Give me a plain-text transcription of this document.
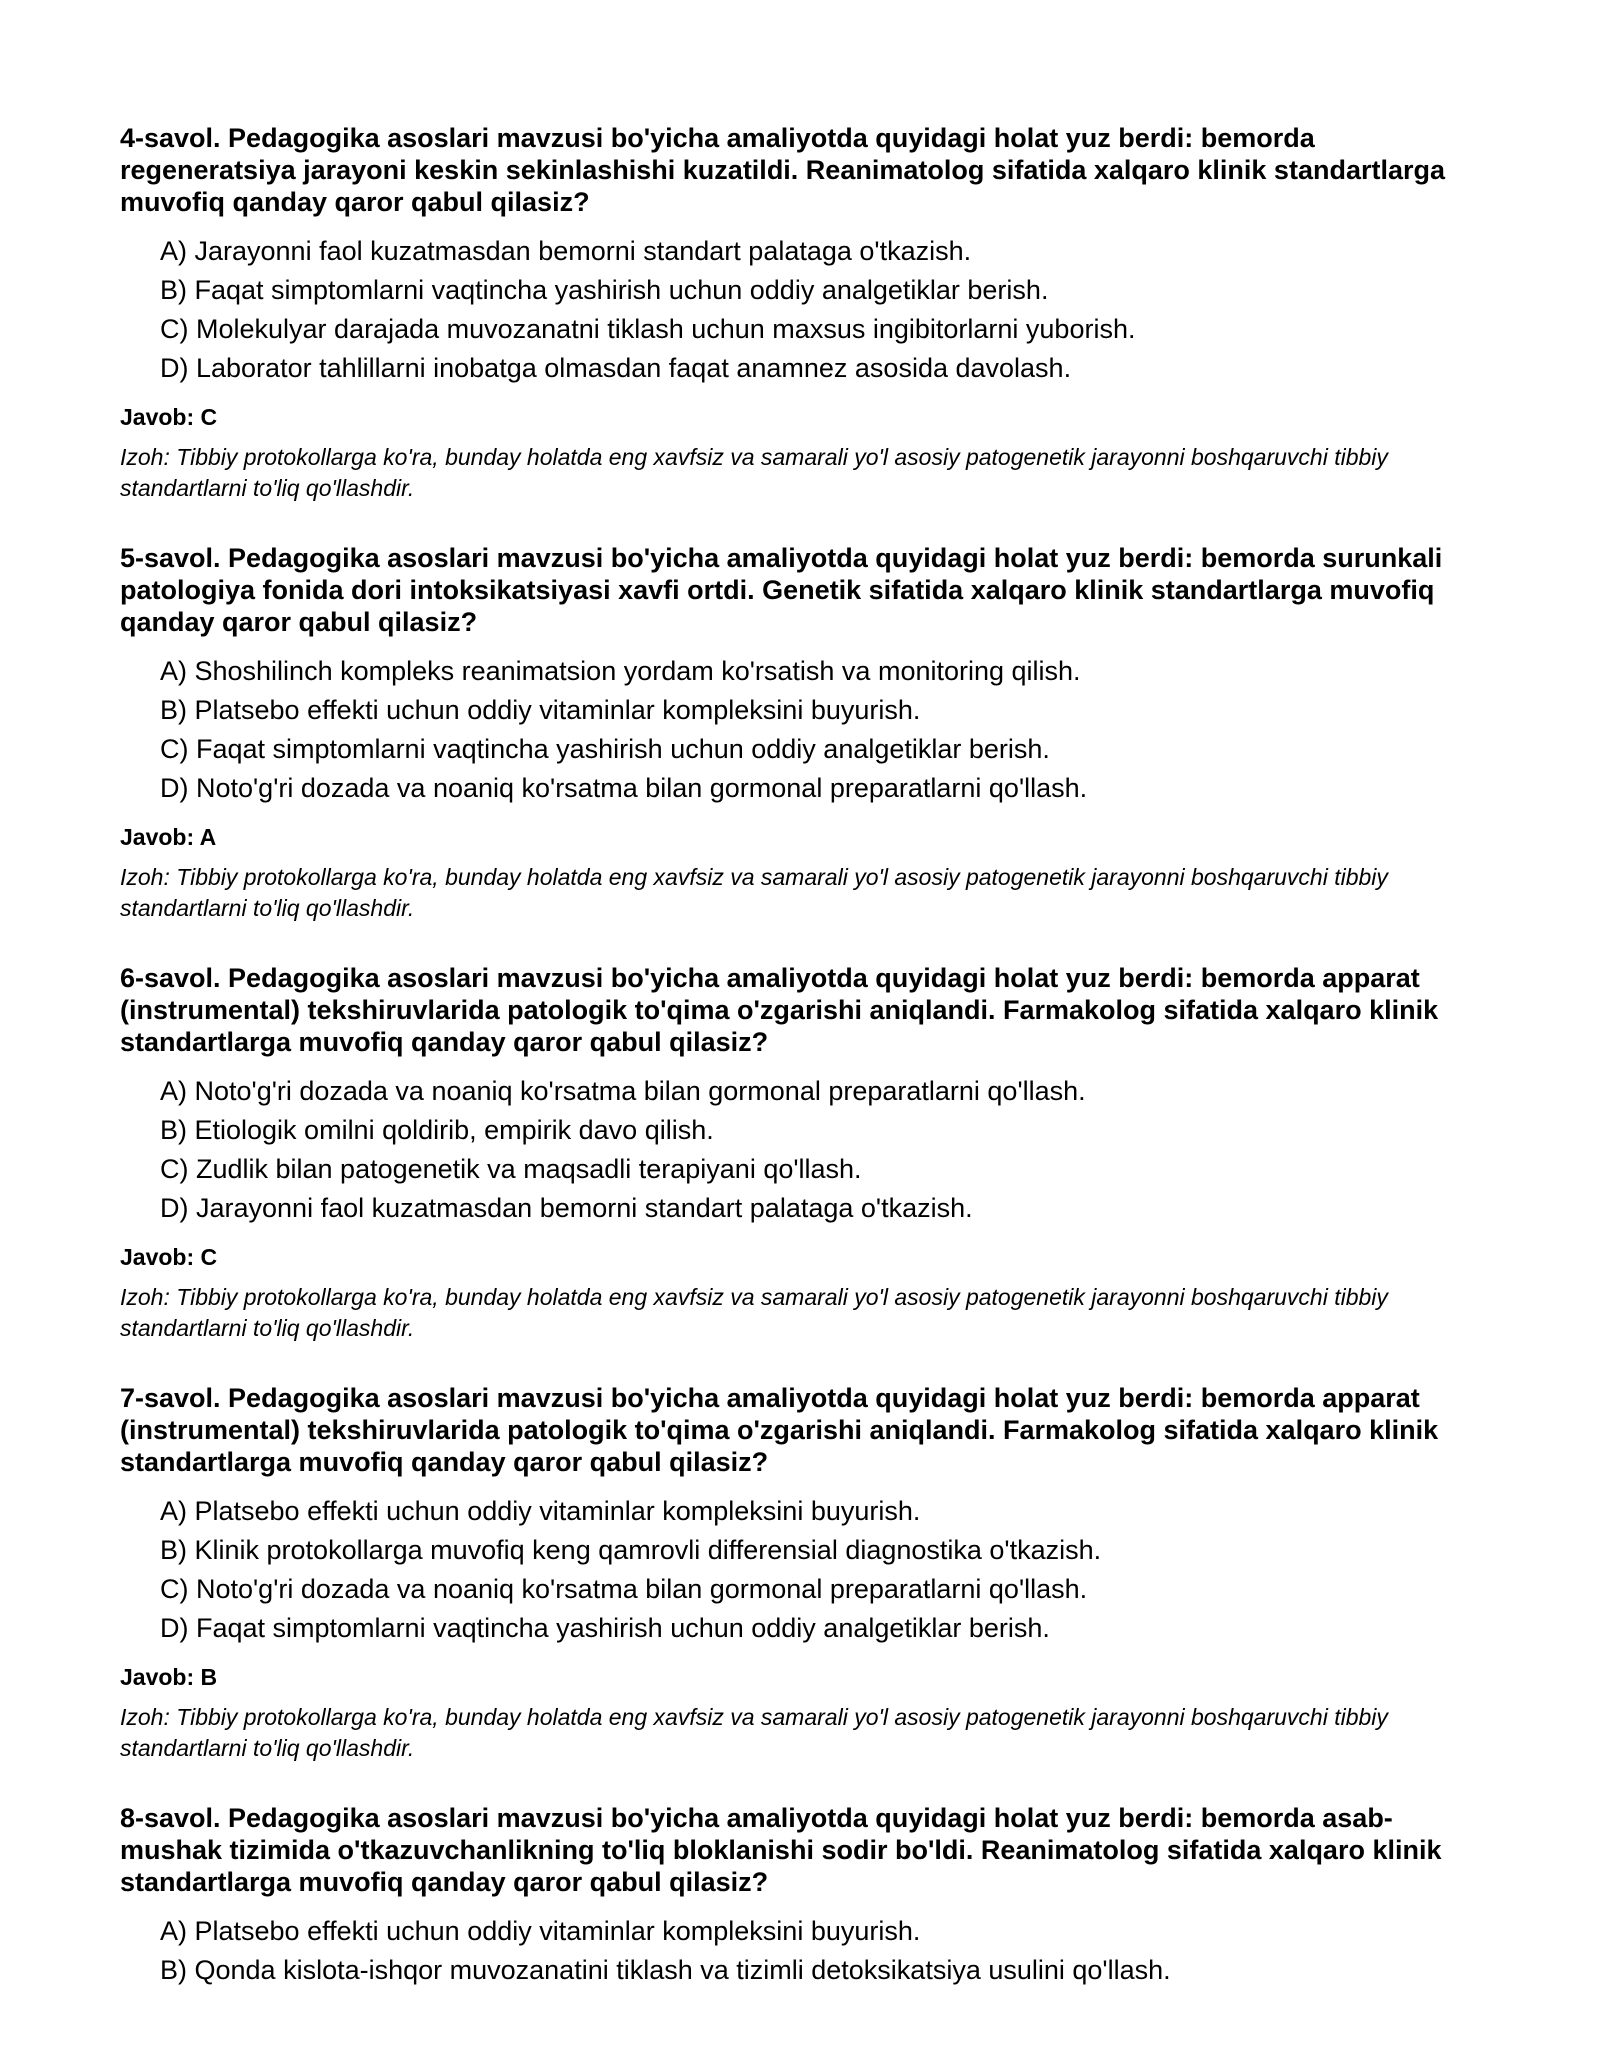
4-savol. Pedagogika asoslari mavzusi bo'yicha amaliyotda quyidagi holat yuz berdi: bemorda regeneratsiya jarayoni keskin sekinlashishi kuzatildi. Reanimatolog sifatida xalqaro klinik standartlarga muvofiq qanday qaror qabul qilasiz?

A) Jarayonni faol kuzatmasdan bemorni standart palataga o'tkazish.
B) Faqat simptomlarni vaqtincha yashirish uchun oddiy analgetiklar berish.
C) Molekulyar darajada muvozanatni tiklash uchun maxsus ingibitorlarni yuborish.
D) Laborator tahlillarni inobatga olmasdan faqat anamnez asosida davolash.

Javob: C

Izoh: Tibbiy protokollarga ko'ra, bunday holatda eng xavfsiz va samarali yo'l asosiy patogenetik jarayonni boshqaruvchi tibbiy standartlarni to'liq qo'llashdir.

5-savol. Pedagogika asoslari mavzusi bo'yicha amaliyotda quyidagi holat yuz berdi: bemorda surunkali patologiya fonida dori intoksikatsiyasi xavfi ortdi. Genetik sifatida xalqaro klinik standartlarga muvofiq qanday qaror qabul qilasiz?

A) Shoshilinch kompleks reanimatsion yordam ko'rsatish va monitoring qilish.
B) Platsebo effekti uchun oddiy vitaminlar kompleksini buyurish.
C) Faqat simptomlarni vaqtincha yashirish uchun oddiy analgetiklar berish.
D) Noto'g'ri dozada va noaniq ko'rsatma bilan gormonal preparatlarni qo'llash.

Javob: A

Izoh: Tibbiy protokollarga ko'ra, bunday holatda eng xavfsiz va samarali yo'l asosiy patogenetik jarayonni boshqaruvchi tibbiy standartlarni to'liq qo'llashdir.

6-savol. Pedagogika asoslari mavzusi bo'yicha amaliyotda quyidagi holat yuz berdi: bemorda apparat (instrumental) tekshiruvlarida patologik to'qima o'zgarishi aniqlandi. Farmakolog sifatida xalqaro klinik standartlarga muvofiq qanday qaror qabul qilasiz?

A) Noto'g'ri dozada va noaniq ko'rsatma bilan gormonal preparatlarni qo'llash.
B) Etiologik omilni qoldirib, empirik davo qilish.
C) Zudlik bilan patogenetik va maqsadli terapiyani qo'llash.
D) Jarayonni faol kuzatmasdan bemorni standart palataga o'tkazish.

Javob: C

Izoh: Tibbiy protokollarga ko'ra, bunday holatda eng xavfsiz va samarali yo'l asosiy patogenetik jarayonni boshqaruvchi tibbiy standartlarni to'liq qo'llashdir.

7-savol. Pedagogika asoslari mavzusi bo'yicha amaliyotda quyidagi holat yuz berdi: bemorda apparat (instrumental) tekshiruvlarida patologik to'qima o'zgarishi aniqlandi. Farmakolog sifatida xalqaro klinik standartlarga muvofiq qanday qaror qabul qilasiz?

A) Platsebo effekti uchun oddiy vitaminlar kompleksini buyurish.
B) Klinik protokollarga muvofiq keng qamrovli differensial diagnostika o'tkazish.
C) Noto'g'ri dozada va noaniq ko'rsatma bilan gormonal preparatlarni qo'llash.
D) Faqat simptomlarni vaqtincha yashirish uchun oddiy analgetiklar berish.

Javob: B

Izoh: Tibbiy protokollarga ko'ra, bunday holatda eng xavfsiz va samarali yo'l asosiy patogenetik jarayonni boshqaruvchi tibbiy standartlarni to'liq qo'llashdir.

8-savol. Pedagogika asoslari mavzusi bo'yicha amaliyotda quyidagi holat yuz berdi: bemorda asab-mushak tizimida o'tkazuvchanlikning to'liq bloklanishi sodir bo'ldi. Reanimatolog sifatida xalqaro klinik standartlarga muvofiq qanday qaror qabul qilasiz?

A) Platsebo effekti uchun oddiy vitaminlar kompleksini buyurish.
B) Qonda kislota-ishqor muvozanatini tiklash va tizimli detoksikatsiya usulini qo'llash.
